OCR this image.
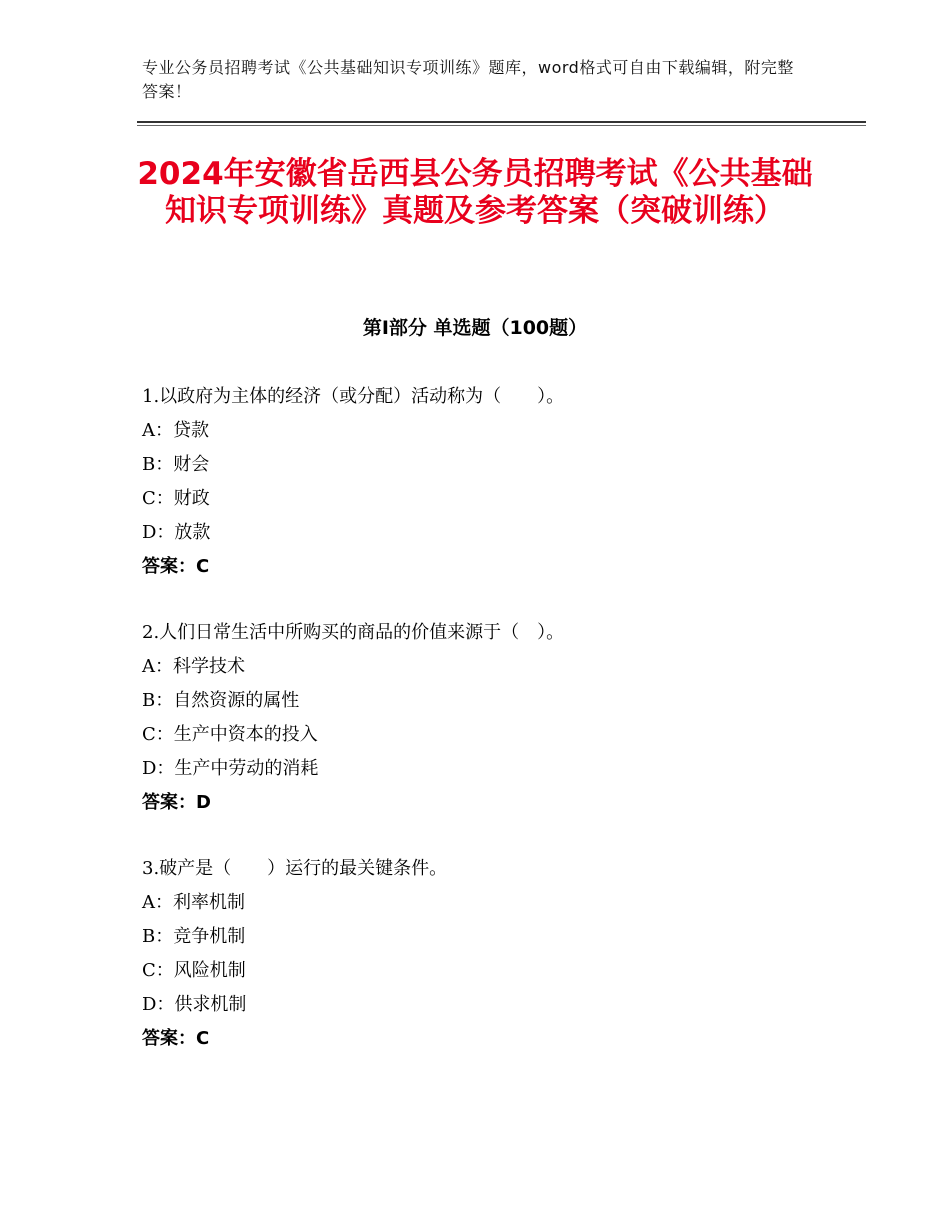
专业公务员招聘考试《公共基础知识专项训练》题库，word格式可自由下载编辑，附完整答案！
2024年安徽省岳西县公务员招聘考试《公共基础知识专项训练》真题及参考答案（突破训练）
第Ⅰ部分 单选题（100题）
1.以政府为主体的经济（或分配）活动称为（　　）。
A：贷款
B：财会
C：财政
D：放款
答案：C
2.人们日常生活中所购买的商品的价值来源于（　）。
A：科学技术
B：自然资源的属性
C：生产中资本的投入
D：生产中劳动的消耗
答案：D
3.破产是（　　）运行的最关键条件。
A：利率机制
B：竞争机制
C：风险机制
D：供求机制
答案：C
